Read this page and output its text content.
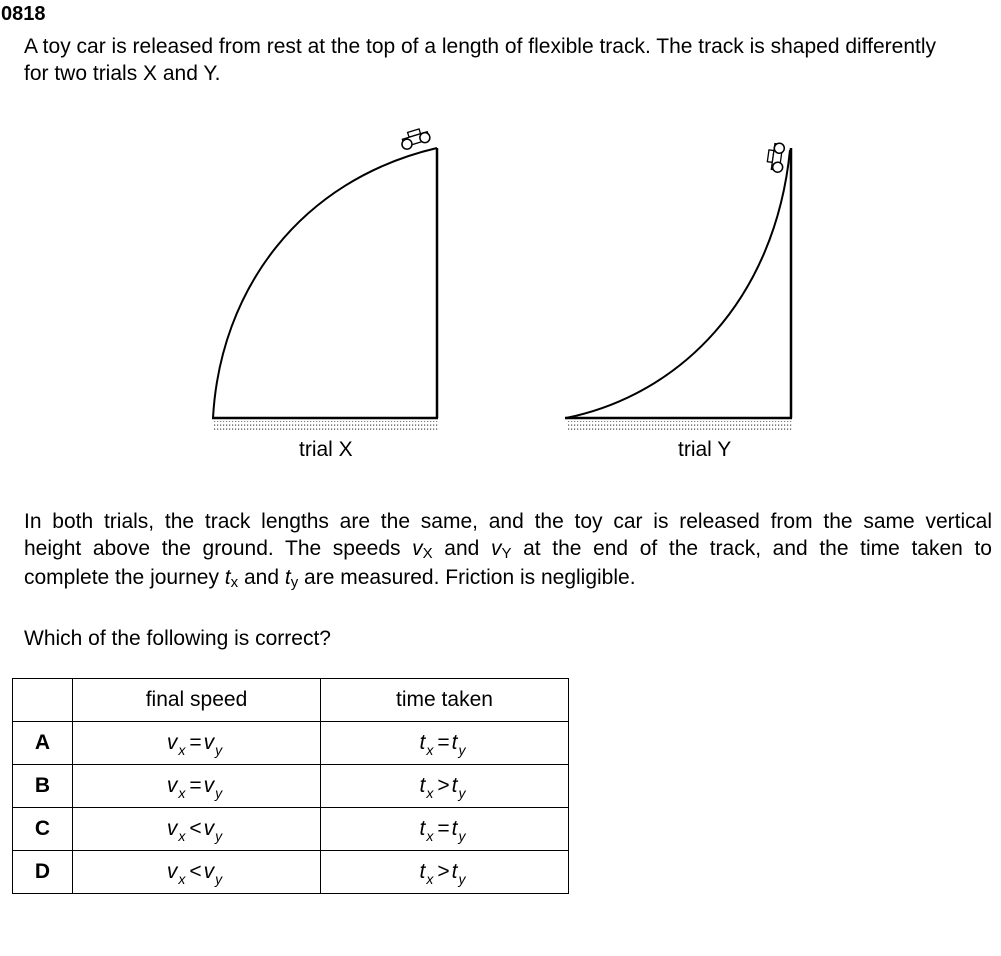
0818
A toy car is released from rest at the top of a length of flexible track. The track is shaped differently
for two trials X and Y.
trial X	trial Y
In both trials, the track lengths are the same, and the toy car is released from the same vertical
height above the ground. The speeds vX and vY at the end of the track, and the time taken to
complete the journey tx and ty are measured. Friction is negligible.
Which of the following is correct?
	final speed	time taken
A	$v_x =v_y$	$t_x =t_y$
B	$v_x =v_y$	$t_x >t_y$
C	$v_x <v_y$	$t_x =t_y$
D	$v_x <v_y$	$t_x >t_y$
